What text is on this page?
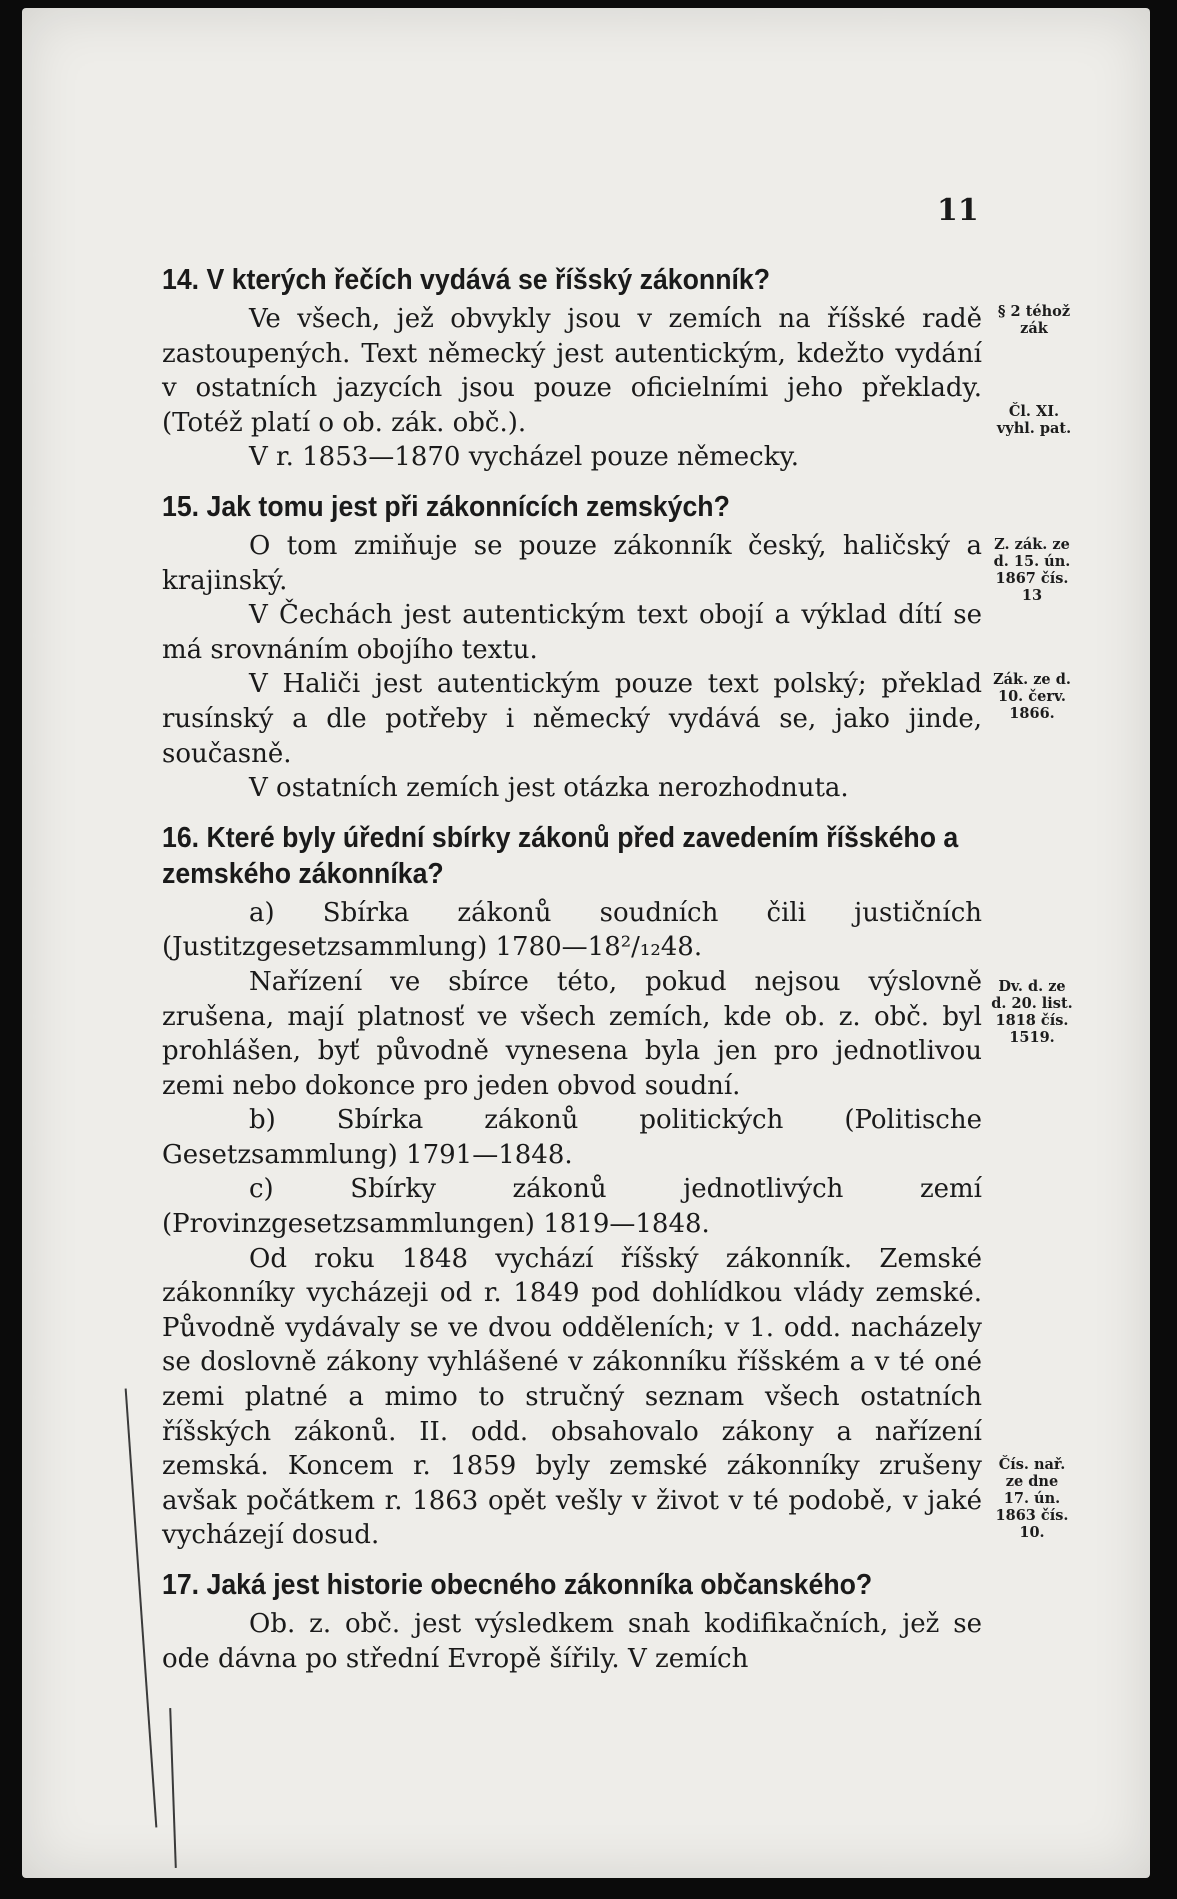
11
§ 2 téhož
zák
Čl. XI.
vyhl. pat.
Z. zák. ze
d. 15. ún.
1867 čís.
13
Zák. ze d.
10. červ.
1866.
Dv. d. ze
d. 20. list.
1818 čís.
1519.
Čís. nař.
ze dne
17. ún.
1863 čís.
10.
14. V kterých řečích vydává se říšský zákonník?

Ve všech, jež obvykly jsou v zemích na říšské radě zastoupených. Text německý jest autentickým, kdežto vydání v ostatních jazycích jsou pouze oficielními jeho překlady. (Totéž platí o ob. zák. obč.).

V r. 1853—1870 vycházel pouze německy.

15. Jak tomu jest při zákonnících zemských?

O tom zmiňuje se pouze zákonník český, haličský a krajinský.

V Čechách jest autentickým text obojí a výklad dítí se má srovnáním obojího textu.

V Haliči jest autentickým pouze text polský; překlad rusínský a dle potřeby i německý vydává se, jako jinde, současně.

V ostatních zemích jest otázka nerozhodnuta.

16. Které byly úřední sbírky zákonů před zavedením říšského a zemského zákonníka?

a) Sbírka zákonů soudních čili justičních (Justitzgesetzsammlung) 1780—18²/₁₂48.

Nařízení ve sbírce této, pokud nejsou výslovně zrušena, mají platnosť ve všech zemích, kde ob. z. obč. byl prohlášen, byť původně vynesena byla jen pro jednotlivou zemi nebo dokonce pro jeden obvod soudní.

b) Sbírka zákonů politických (Politische Gesetzsammlung) 1791—1848.

c) Sbírky zákonů jednotlivých zemí (Provinzgesetzsammlungen) 1819—1848.

Od roku 1848 vychází říšský zákonník. Zemské zákonníky vycházeji od r. 1849 pod dohlídkou vlády zemské. Původně vydávaly se ve dvou odděleních; v 1. odd. nacházely se doslovně zákony vyhlášené v zákonníku říšském a v té oné zemi platné a mimo to stručný seznam všech ostatních říšských zákonů. II. odd. obsahovalo zákony a nařízení zemská. Koncem r. 1859 byly zemské zákonníky zrušeny avšak počátkem r. 1863 opět vešly v život v té podobě, v jaké vycházejí dosud.

17. Jaká jest historie obecného zákonníka občanského?

Ob. z. obč. jest výsledkem snah kodifikačních, jež se ode dávna po střední Evropě šířily. V zemích
